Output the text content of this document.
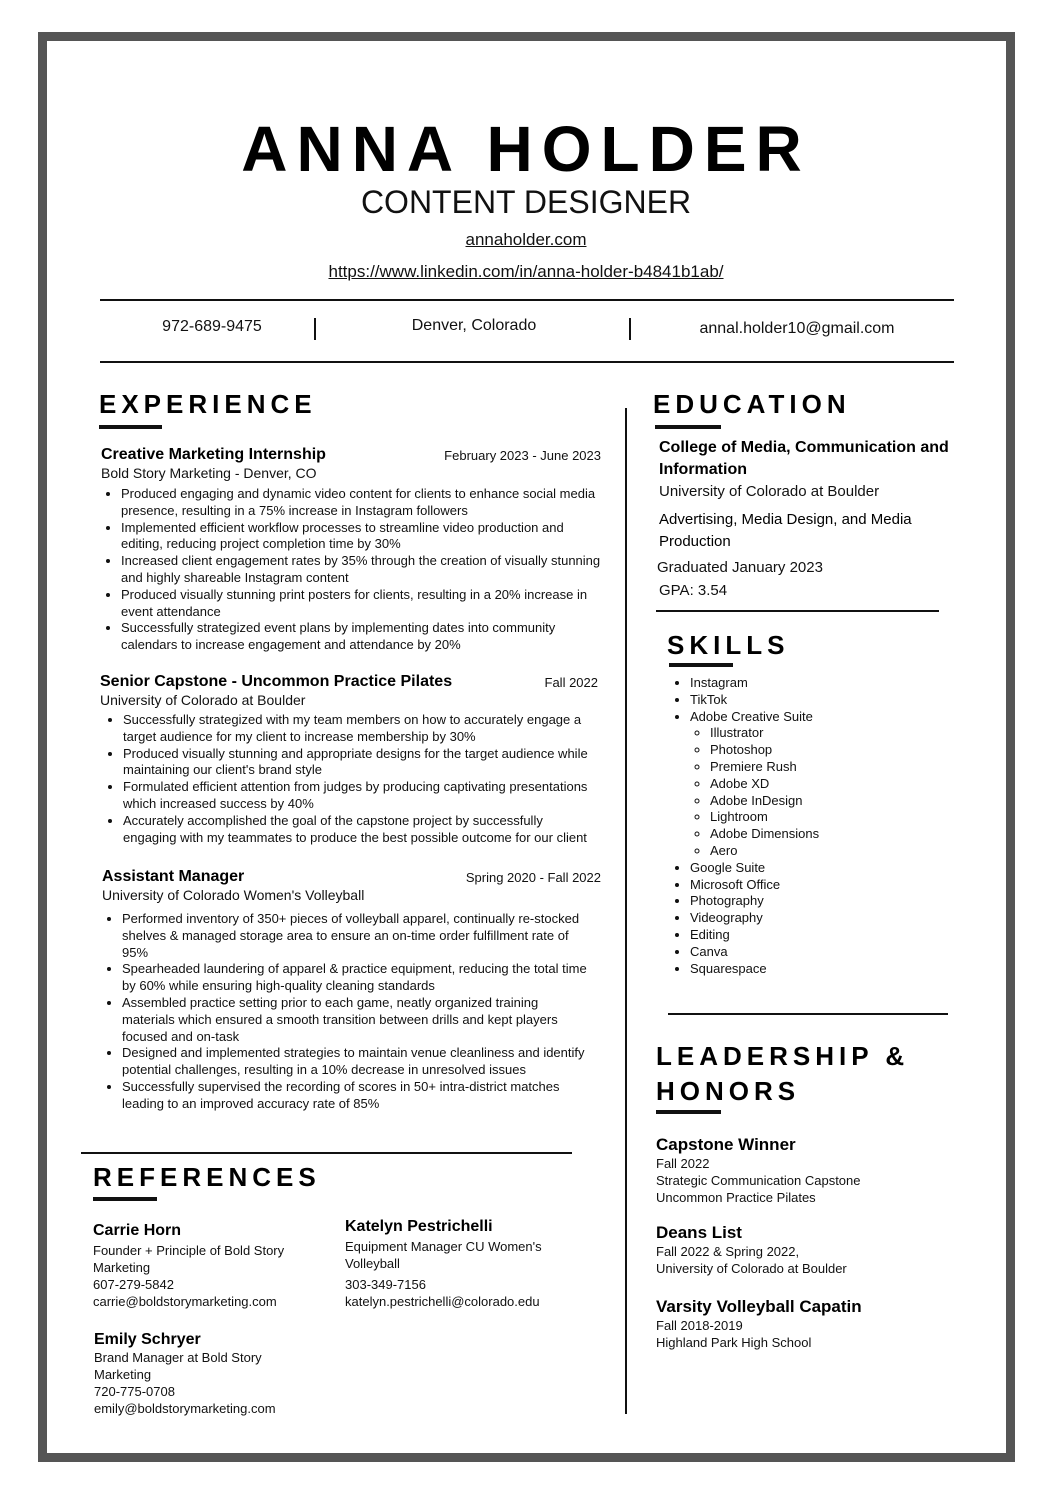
ANNA HOLDER
CONTENT DESIGNER
annaholder.com
https://www.linkedin.com/in/anna-holder-b4841b1ab/
972-689-9475	Denver, Colorado	annal.holder10@gmail.com
EXPERIENCE
Creative Marketing Internship	February 2023 - June 2023
Bold Story Marketing - Denver, CO
• Produced engaging and dynamic video content for clients to enhance social media presence, resulting in a 75% increase in Instagram followers
• Implemented efficient workflow processes to streamline video production and editing, reducing project completion time by 30%
• Increased client engagement rates by 35% through the creation of visually stunning and highly shareable Instagram content
• Produced visually stunning print posters for clients, resulting in a 20% increase in event attendance
• Successfully strategized event plans by implementing dates into community calendars to increase engagement and attendance by 20%
Senior Capstone - Uncommon Practice Pilates	Fall 2022
University of Colorado at Boulder
• Successfully strategized with my team members on how to accurately engage a target audience for my client to increase membership by 30%
• Produced visually stunning and appropriate designs for the target audience while maintaining our client's brand style
• Formulated efficient attention from judges by producing captivating presentations which increased success by 40%
• Accurately accomplished the goal of the capstone project by successfully engaging with my teammates to produce the best possible outcome for our client
Assistant Manager	Spring 2020 - Fall 2022
University of Colorado Women's Volleyball
• Performed inventory of 350+ pieces of volleyball apparel, continually re-stocked shelves & managed storage area to ensure an on-time order fulfillment rate of 95%
• Spearheaded laundering of apparel & practice equipment, reducing the total time by 60% while ensuring high-quality cleaning standards
• Assembled practice setting prior to each game, neatly organized training materials which ensured a smooth transition between drills and kept players focused and on-task
• Designed and implemented strategies to maintain venue cleanliness and identify potential challenges, resulting in a 10% decrease in unresolved issues
• Successfully supervised the recording of scores in 50+ intra-district matches leading to an improved accuracy rate of 85%
REFERENCES
Carrie Horn
Founder + Principle of Bold Story Marketing
607-279-5842
carrie@boldstorymarketing.com
Katelyn Pestrichelli
Equipment Manager CU Women's Volleyball
303-349-7156
katelyn.pestrichelli@colorado.edu
Emily Schryer
Brand Manager at Bold Story Marketing
720-775-0708
emily@boldstorymarketing.com
EDUCATION
College of Media, Communication and Information
University of Colorado at Boulder
Advertising, Media Design, and Media Production
Graduated January 2023
GPA: 3.54
SKILLS
• Instagram
• TikTok
• Adobe Creative Suite
◦ Illustrator
◦ Photoshop
◦ Premiere Rush
◦ Adobe XD
◦ Adobe InDesign
◦ Lightroom
◦ Adobe Dimensions
◦ Aero
• Google Suite
• Microsoft Office
• Photography
• Videography
• Editing
• Canva
• Squarespace
LEADERSHIP &
HONORS
Capstone Winner
Fall 2022
Strategic Communication Capstone
Uncommon Practice Pilates
Deans List
Fall 2022 & Spring 2022,
University of Colorado at Boulder
Varsity Volleyball Capatin
Fall 2018-2019
Highland Park High School
